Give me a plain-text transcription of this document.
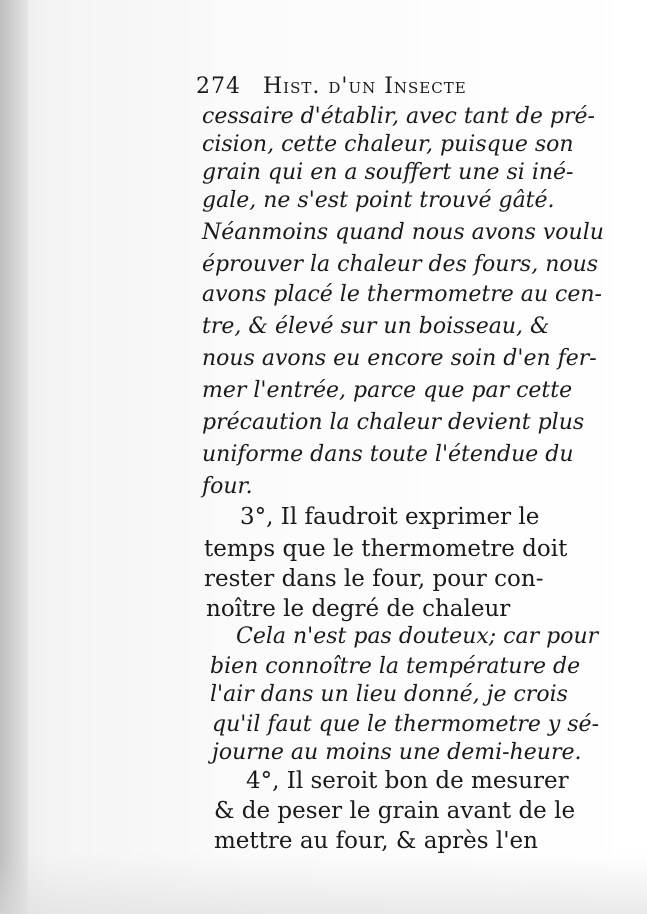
274 Hist. d'un Insecte
cessaire d'établir, avec tant de pré-
cision, cette chaleur, puisque son
grain qui en a souffert une si iné-
gale, ne s'est point trouvé gâté.
Néanmoins quand nous avons voulu
éprouver la chaleur des fours, nous
avons placé le thermometre au cen-
tre, & élevé sur un boisseau, &
nous avons eu encore soin d'en fer-
mer l'entrée, parce que par cette
précaution la chaleur devient plus
uniforme dans toute l'étendue du
four.
3°, Il faudroit exprimer le
temps que le thermometre doit
rester dans le four, pour con-
noître le degré de chaleur
Cela n'est pas douteux; car pour
bien connoître la température de
l'air dans un lieu donné, je crois
qu'il faut que le thermometre y sé-
journe au moins une demi-heure.
4°, Il seroit bon de mesurer
& de peser le grain avant de le
mettre au four, & après l'en
